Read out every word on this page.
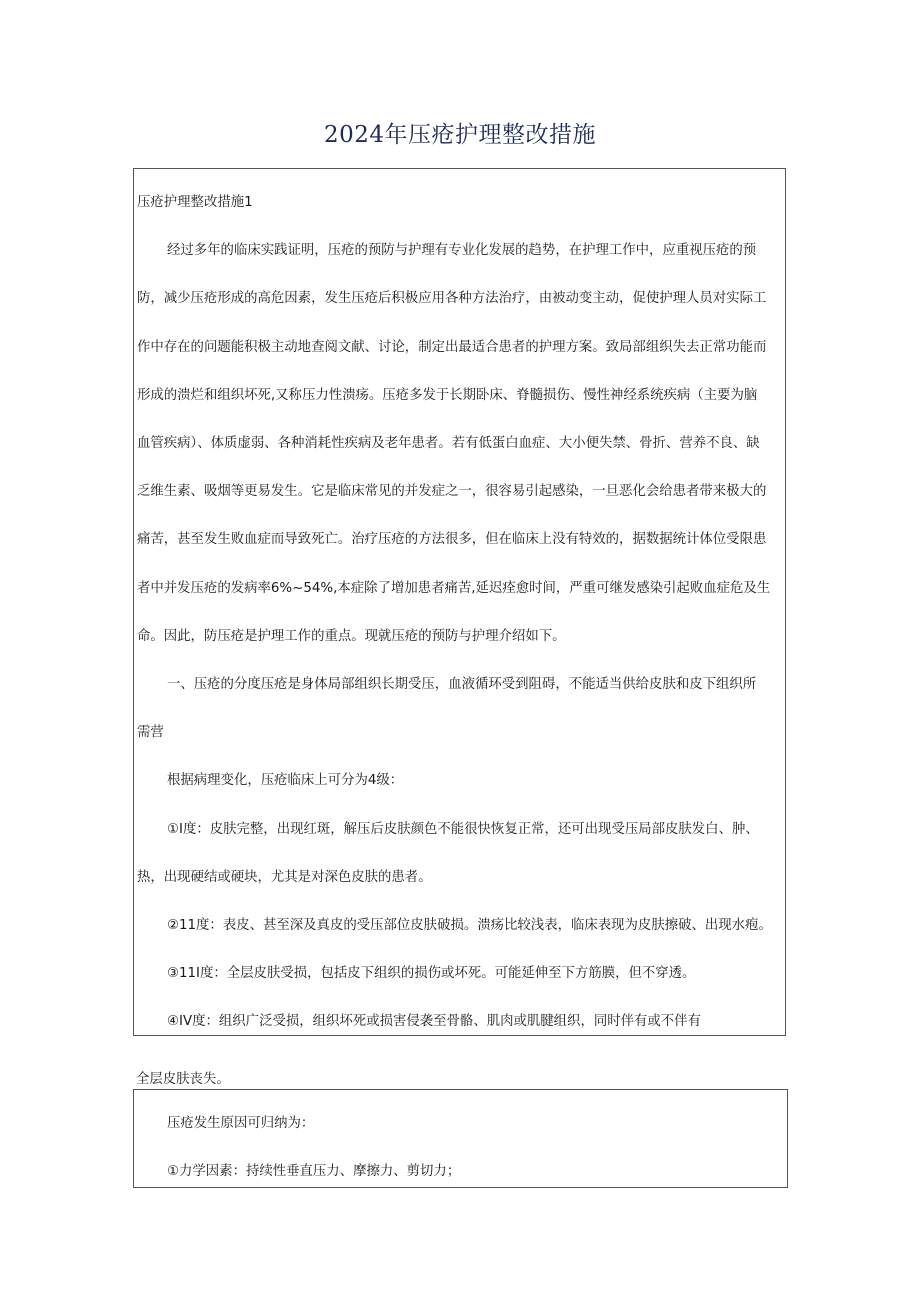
2024年压疮护理整改措施

压疮护理整改措施1

经过多年的临床实践证明，压疮的预防与护理有专业化发展的趋势，在护理工作中，应重视压疮的预

防，减少压疮形成的高危因素，发生压疮后积极应用各种方法治疗，由被动变主动，促使护理人员对实际工

作中存在的问题能积极主动地查阅文献、讨论，制定出最适合患者的护理方案。致局部组织失去正常功能而

形成的溃烂和组织坏死,又称压力性溃疡。压疮多发于长期卧床、脊髓损伤、慢性神经系统疾病（主要为脑

血管疾病）、体质虚弱、各种消耗性疾病及老年患者。若有低蛋白血症、大小便失禁、骨折、营养不良、缺

乏维生素、吸烟等更易发生。它是临床常见的并发症之一，很容易引起感染，一旦恶化会给患者带来极大的

痛苦，甚至发生败血症而导致死亡。治疗压疮的方法很多，但在临床上没有特效的，据数据统计体位受限患

者中并发压疮的发病率6%~54%,本症除了增加患者痛苦,延迟痊愈时间，严重可继发感染引起败血症危及生

命。因此，防压疮是护理工作的重点。现就压疮的预防与护理介绍如下。

一、压疮的分度压疮是身体局部组织长期受压，血液循环受到阻碍，不能适当供给皮肤和皮下组织所

需营

根据病理变化，压疮临床上可分为4级：

①I度：皮肤完整，出现红斑，解压后皮肤颜色不能很快恢复正常，还可出现受压局部皮肤发白、肿、

热，出现硬结或硬块，尤其是对深色皮肤的患者。

②11度：表皮、甚至深及真皮的受压部位皮肤破损。溃疡比较浅表，临床表现为皮肤擦破、出现水疱。

③11I度：全层皮肤受损，包括皮下组织的损伤或坏死。可能延伸至下方筋膜，但不穿透。

④IV度：组织广泛受损，组织坏死或损害侵袭至骨骼、肌肉或肌腱组织，同时伴有或不伴有

全层皮肤丧失。

压疮发生原因可归纳为：

①力学因素：持续性垂直压力、摩擦力、剪切力；
